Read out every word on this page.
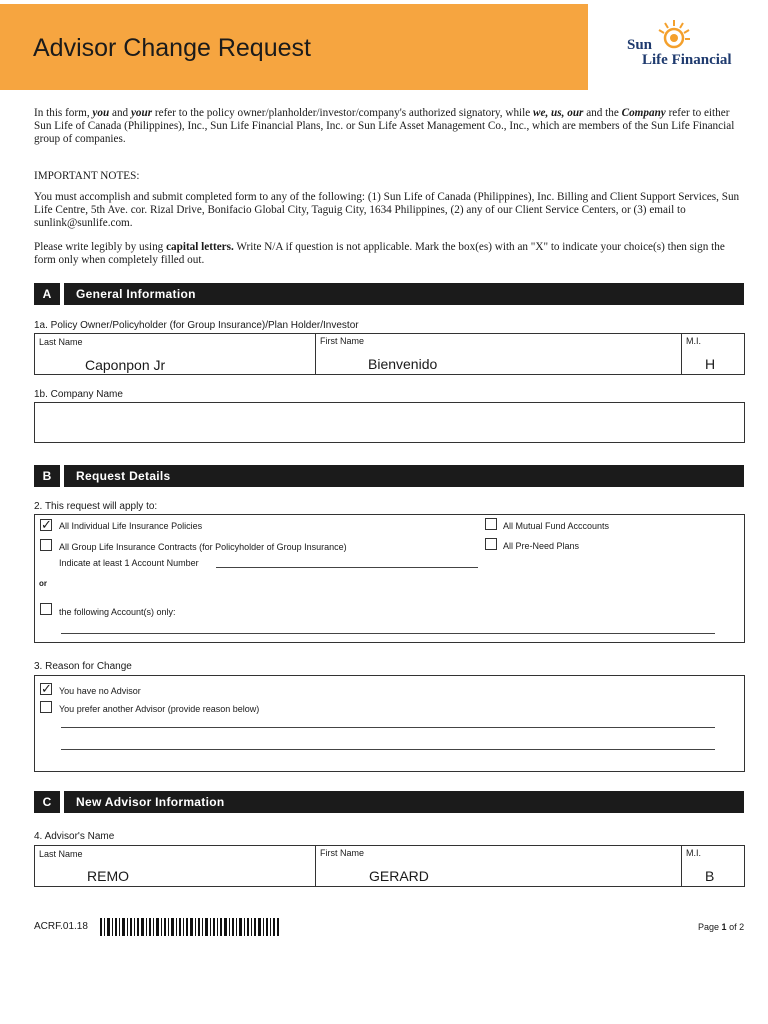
Advisor Change Request	Sun
Life Financial
In this form, you and your refer to the policy owner/planholder/investor/company's authorized signatory, while we, us, our and the Company refer to either Sun Life of Canada (Philippines), Inc., Sun Life Financial Plans, Inc. or Sun Life Asset Management Co., Inc., which are members of the Sun Life Financial group of companies.
IMPORTANT NOTES:
You must accomplish and submit completed form to any of the following: (1) Sun Life of Canada (Philippines), Inc. Billing and Client Support Services, Sun Life Centre, 5th Ave. cor. Rizal Drive, Bonifacio Global City, Taguig City, 1634 Philippines, (2) any of our Client Service Centers, or (3) email to sunlink@sunlife.com.
Please write legibly by using capital letters. Write N/A if question is not applicable. Mark the box(es) with an "X" to indicate your choice(s) then sign the form only when completely filled out.
A	General Information
1a. Policy Owner/Policyholder (for Group Insurance)/Plan Holder/Investor
Last Name	First Name	M.I.
Caponpon Jr	Bienvenido	H
1b. Company Name
B	Request Details
2. This request will apply to:
✓ All Individual Life Insurance Policies
All Group Life Insurance Contracts (for Policyholder of Group Insurance)
Indicate at least 1 Account Number
All Mutual Fund Acccounts
All Pre-Need Plans
or
the following Account(s) only:
3. Reason for Change
✓ You have no Advisor
You prefer another Advisor (provide reason below)
C	New Advisor Information
4. Advisor's Name
Last Name	First Name	M.I.
REMO	GERARD	B
ACRF.01.18	Page 1 of 2
